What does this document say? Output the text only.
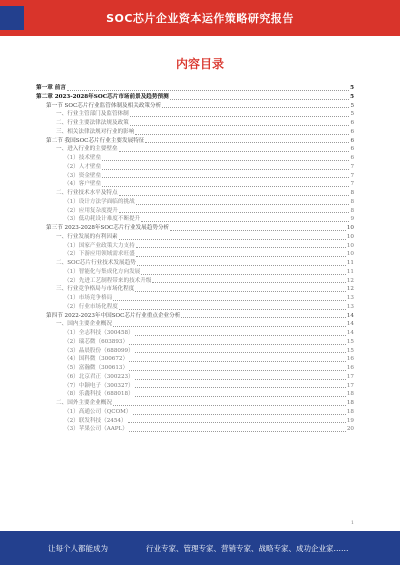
SOC芯片企业资本运作策略研究报告
内容目录
第一章 前言	5
第二章 2023-2028年SOC芯片市场前景及趋势预测	5
第一节 SOC芯片行业监管体制及相关政策分析	5
一、行业主管部门及监管体制	5
二、行业主要法律法规及政策	6
三、相关法律法规对行业的影响	6
第二节 我国SOC芯片行业主要发展特征	6
一、进入行业的主要壁垒	6
（1）技术壁垒	6
（2）人才壁垒	7
（3）资金壁垒	7
（4）客户壁垒	7
二、行业技术水平及特点	8
（1）设计方法学面临的挑战	8
（2）应用复杂度提升	8
（3）低功耗设计难度不断提升	9
第三节 2023-2028年SOC芯片行业发展趋势分析	10
一、行业发展的有利因素	10
（1）国家产业政策大力支持	10
（2）下游应用领域需求旺盛	10
二、SOC芯片行业技术发展趋势	11
（1）智能化与集成化方向发展	11
（2）先进工艺制程带来的技术升级	12
三、行业竞争格局与市场化程度	12
（1）市场竞争格局	13
（2）行业市场化程度	13
第四节 2022-2023年中国SOC芯片行业重点企业分析	14
一、国内主要企业概况	14
（1）全志科技（300458）	14
（2）瑞芯微（603893）	15
（3）晶晨股份（688099）	15
（4）国科微（300672）	16
（5）富瀚微（300613）	16
（6）北京君正（300223）	17
（7）中颖电子（300327）	17
（8）乐鑫科技（688018）	18
二、国外主要企业概况	18
（1）高通公司（QCOM）	18
（2）联发科技（2454）	19
（3）苹果公司（AAPL）	20
1
让每个人都能成为	行业专家、管理专家、营销专家、战略专家、成功企业家……
